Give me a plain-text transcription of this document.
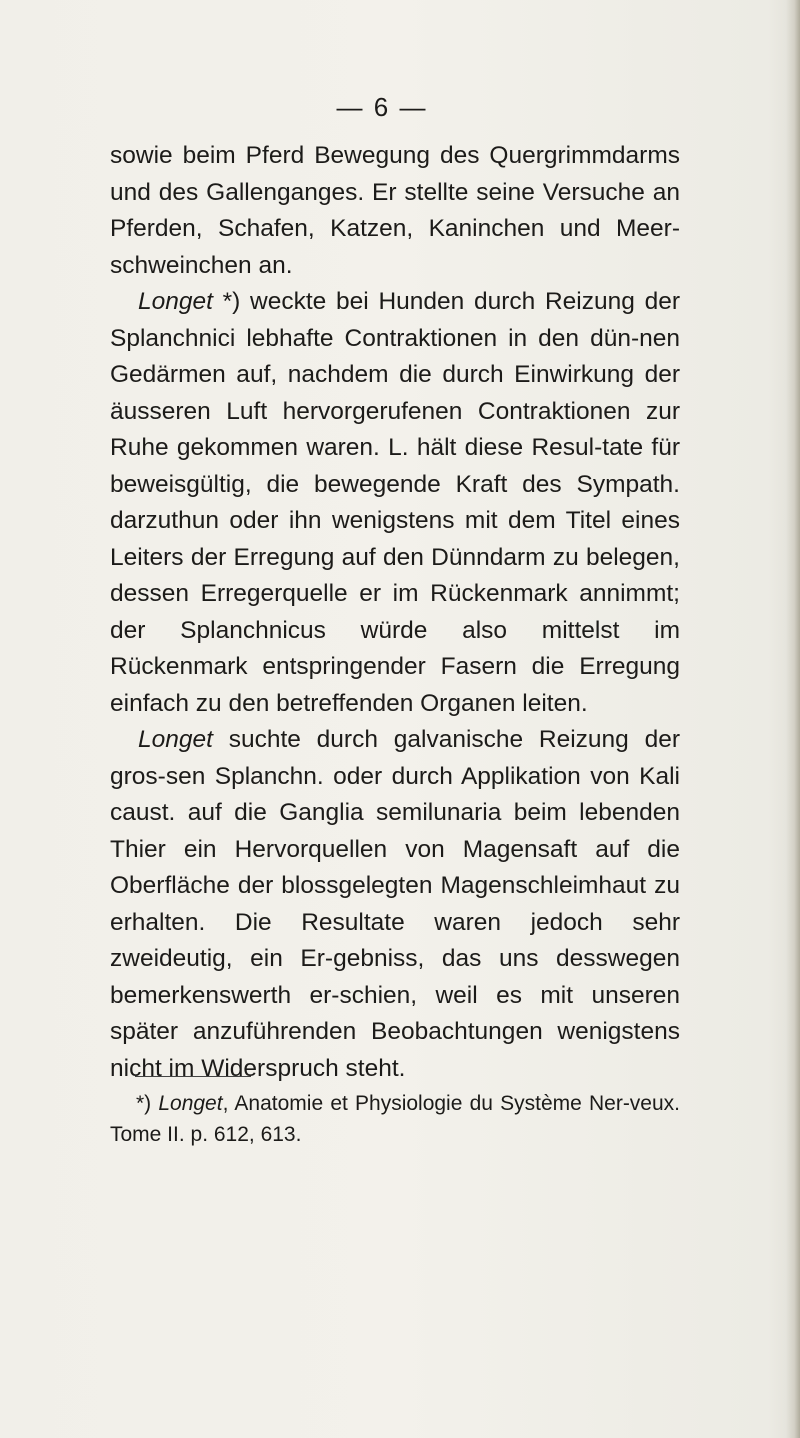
— 6 —

sowie beim Pferd Bewegung des Quergrimmdarms und des Gallenganges. Er stellte seine Versuche an Pferden, Schafen, Katzen, Kaninchen und Meer-schweinchen an.

Longet *) weckte bei Hunden durch Reizung der Splanchnici lebhafte Contraktionen in den dün-nen Gedärmen auf, nachdem die durch Einwirkung der äusseren Luft hervorgerufenen Contraktionen zur Ruhe gekommen waren. L. hält diese Resul-tate für beweisgültig, die bewegende Kraft des Sympath. darzuthun oder ihn wenigstens mit dem Titel eines Leiters der Erregung auf den Dünndarm zu belegen, dessen Erregerquelle er im Rückenmark annimmt; der Splanchnicus würde also mittelst im Rückenmark entspringender Fasern die Erregung einfach zu den betreffenden Organen leiten.

Longet suchte durch galvanische Reizung der gros-sen Splanchn. oder durch Applikation von Kali caust. auf die Ganglia semilunaria beim lebenden Thier ein Hervorquellen von Magensaft auf die Oberfläche der blossgelegten Magenschleimhaut zu erhalten. Die Resultate waren jedoch sehr zweideutig, ein Er-gebniss, das uns desswegen bemerkenswerth er-schien, weil es mit unseren später anzuführenden Beobachtungen wenigstens nicht im Widerspruch steht.

*) Longet, Anatomie et Physiologie du Système Ner-veux. Tome II. p. 612, 613.
